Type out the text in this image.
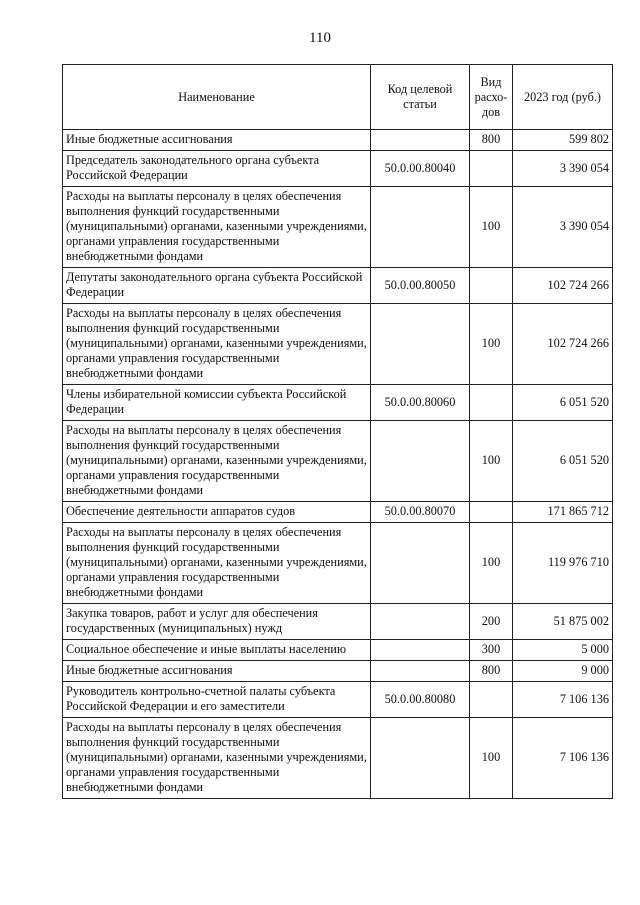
110
Наименование	Код целевой статьи	Вид расхо-дов	2023 год (руб.)
Иные бюджетные ассигнования		800	599 802
Председатель законодательного органа субъекта Российской Федерации	50.0.00.80040		3 390 054
Расходы на выплаты персоналу в целях обеспечения выполнения функций государственными (муниципальными) органами, казенными учреждениями, органами управления государственными внебюджетными фондами		100	3 390 054
Депутаты законодательного органа субъекта Российской Федерации	50.0.00.80050		102 724 266
Расходы на выплаты персоналу в целях обеспечения выполнения функций государственными (муниципальными) органами, казенными учреждениями, органами управления государственными внебюджетными фондами		100	102 724 266
Члены избирательной комиссии субъекта Российской Федерации	50.0.00.80060		6 051 520
Расходы на выплаты персоналу в целях обеспечения выполнения функций государственными (муниципальными) органами, казенными учреждениями, органами управления государственными внебюджетными фондами		100	6 051 520
Обеспечение деятельности аппаратов судов	50.0.00.80070		171 865 712
Расходы на выплаты персоналу в целях обеспечения выполнения функций государственными (муниципальными) органами, казенными учреждениями, органами управления государственными внебюджетными фондами		100	119 976 710
Закупка товаров, работ и услуг для обеспечения государственных (муниципальных) нужд		200	51 875 002
Социальное обеспечение и иные выплаты населению		300	5 000
Иные бюджетные ассигнования		800	9 000
Руководитель контрольно-счетной палаты субъекта Российской Федерации и его заместители	50.0.00.80080		7 106 136
Расходы на выплаты персоналу в целях обеспечения выполнения функций государственными (муниципальными) органами, казенными учреждениями, органами управления государственными внебюджетными фондами		100	7 106 136
